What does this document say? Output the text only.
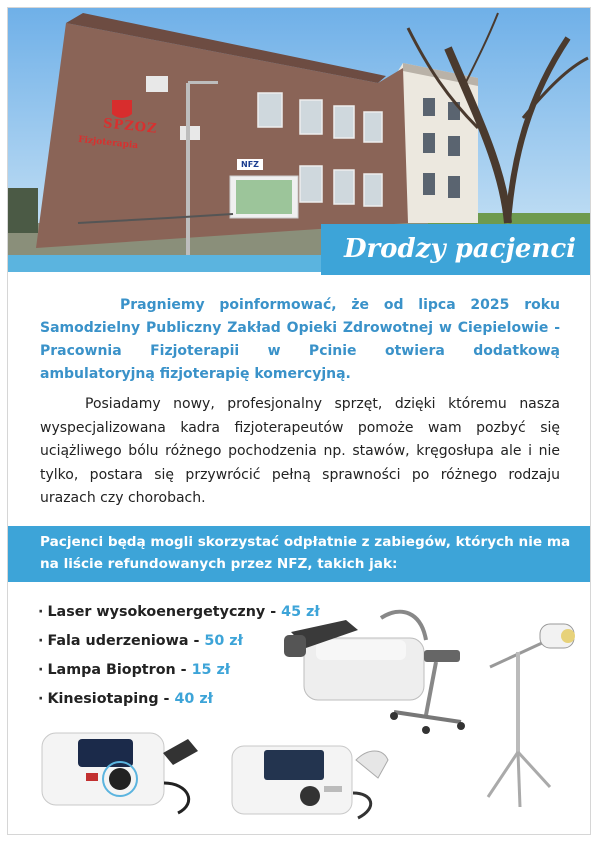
SPZOZ
Fizjoterapia
NFZ
Drodzy pacjenci

Pragniemy poinformować, że od lipca 2025 roku Samodzielny Publiczny Zakład Opieki Zdrowotnej w Ciepielowie - Pracownia Fizjoterapii w Pcinie otwiera dodatkową ambulatoryjną fizjoterapię komercyjną.

Posiadamy nowy, profesjonalny sprzęt, dzięki któremu nasza wyspecjalizowana kadra fizjoterapeutów pomoże wam pozbyć się uciążliwego bólu różnego pochodzenia np. stawów, kręgosłupa ale i nie tylko, postara się przywrócić pełną sprawności po różnego rodzaju urazach czy chorobach.

Pacjenci będą mogli skorzystać odpłatnie z zabiegów, których nie ma na liście refundowanych przez NFZ, takich jak:
· Laser wysokoenergetyczny - 45 zł
· Fala uderzeniowa - 50 zł
· Lampa Bioptron - 15 zł
· Kinesiotaping - 40 zł
